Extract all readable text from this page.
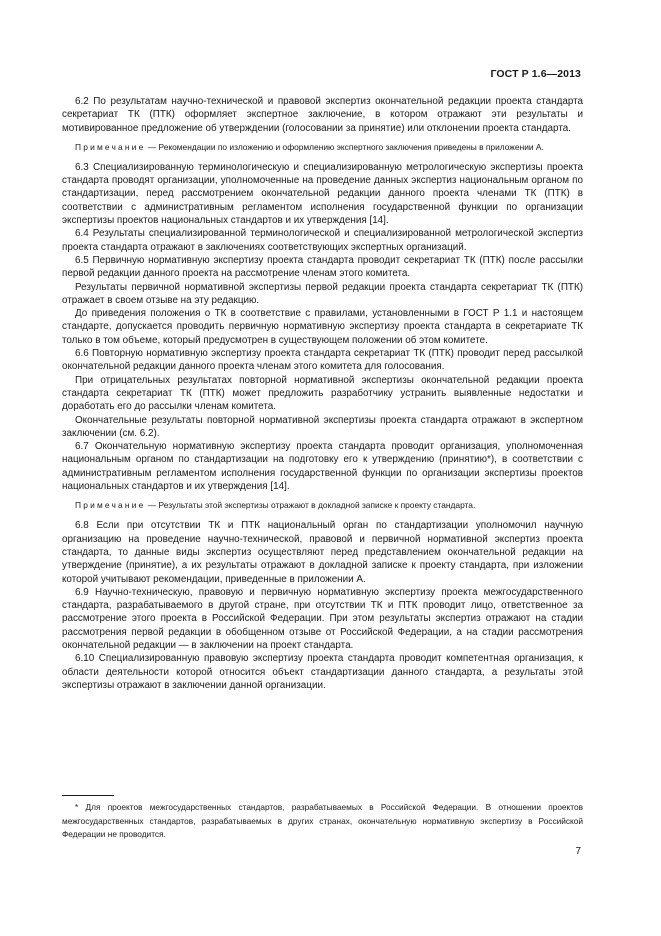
ГОСТ Р 1.6—2013

6.2 По результатам научно-технической и правовой экспертиз окончательной редакции проекта стандарта секретариат ТК (ПТК) оформляет экспертное заключение, в котором отражают эти результаты и мотивированное предложение об утверждении (голосовании за принятие) или отклонении проекта стандарта.

Примечание — Рекомендации по изложению и оформлению экспертного заключения приведены в приложении А.

6.3 Специализированную терминологическую и специализированную метрологическую экспертизы проекта стандарта проводят организации, уполномоченные на проведение данных экспертиз национальным органом по стандартизации, перед рассмотрением окончательной редакции данного проекта членами ТК (ПТК) в соответствии с административным регламентом исполнения государственной функции по организации экспертизы проектов национальных стандартов и их утверждения [14].

6.4 Результаты специализированной терминологической и специализированной метрологической экспертиз проекта стандарта отражают в заключениях соответствующих экспертных организаций.

6.5 Первичную нормативную экспертизу проекта стандарта проводит секретариат ТК (ПТК) после рассылки первой редакции данного проекта на рассмотрение членам этого комитета.

Результаты первичной нормативной экспертизы первой редакции проекта стандарта секретариат ТК (ПТК) отражает в своем отзыве на эту редакцию.

До приведения положения о ТК в соответствие с правилами, установленными в ГОСТ Р 1.1 и настоящем стандарте, допускается проводить первичную нормативную экспертизу проекта стандарта в секретариате ТК только в том объеме, который предусмотрен в существующем положении об этом комитете.

6.6 Повторную нормативную экспертизу проекта стандарта секретариат ТК (ПТК) проводит перед рассылкой окончательной редакции данного проекта членам этого комитета для голосования.

При отрицательных результатах повторной нормативной экспертизы окончательной редакции проекта стандарта секретариат ТК (ПТК) может предложить разработчику устранить выявленные недостатки и доработать его до рассылки членам комитета.

Окончательные результаты повторной нормативной экспертизы проекта стандарта отражают в экспертном заключении (см. 6.2).

6.7 Окончательную нормативную экспертизу проекта стандарта проводит организация, уполномоченная национальным органом по стандартизации на подготовку его к утверждению (принятию*), в соответствии с административным регламентом исполнения государственной функции по организации экспертизы проектов национальных стандартов и их утверждения [14].

Примечание — Результаты этой экспертизы отражают в докладной записке к проекту стандарта.

6.8 Если при отсутствии ТК и ПТК национальный орган по стандартизации уполномочил научную организацию на проведение научно-технической, правовой и первичной нормативной экспертиз проекта стандарта, то данные виды экспертиз осуществляют перед представлением окончательной редакции на утверждение (принятие), а их результаты отражают в докладной записке к проекту стандарта, при изложении которой учитывают рекомендации, приведенные в приложении А.

6.9 Научно-техническую, правовую и первичную нормативную экспертизу проекта межгосударственного стандарта, разрабатываемого в другой стране, при отсутствии ТК и ПТК проводит лицо, ответственное за рассмотрение этого проекта в Российской Федерации. При этом результаты экспертиз отражают на стадии рассмотрения первой редакции в обобщенном отзыве от Российской Федерации, а на стадии рассмотрения окончательной редакции — в заключении на проект стандарта.

6.10 Специализированную правовую экспертизу проекта стандарта проводит компетентная организация, к области деятельности которой относится объект стандартизации данного стандарта, а результаты этой экспертизы отражают в заключении данной организации.

* Для проектов межгосударственных стандартов, разрабатываемых в Российской Федерации. В отношении проектов межгосударственных стандартов, разрабатываемых в других странах, окончательную нормативную экспертизу в Российской Федерации не проводится.

7
